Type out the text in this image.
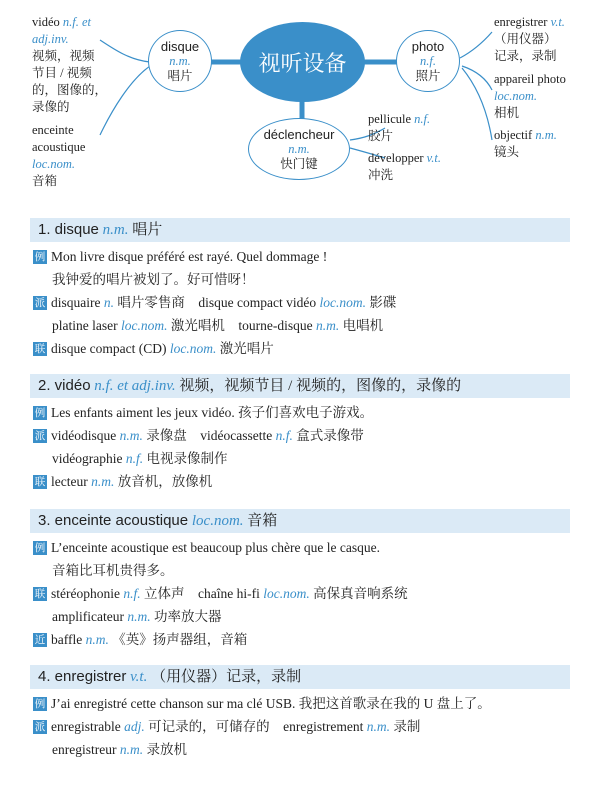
视听设备
disque
n.m.
唱片
photo
n.f.
照片
déclencheur
n.m.
快门键
vidéo n.f. et adj.inv.
视频，视频
节目 / 视频
的，图像的，
录像的
enceinte
acoustique
loc.nom.
音箱
enregistrer v.t.
（用仪器）
记录，录制
appareil photo
loc.nom.
相机
objectif n.m.
镜头
pellicule n.f.
胶片
développer v.t.
冲洗
1. disque n.m. 唱片
例 Mon livre disque préféré est rayé. Quel dommage !
我钟爱的唱片被划了。好可惜呀！
派 disquaire n. 唱片零售商 disque compact vidéo loc.nom. 影碟
platine laser loc.nom. 激光唱机 tourne-disque n.m. 电唱机
联 disque compact (CD) loc.nom. 激光唱片
2. vidéo n.f. et adj.inv. 视频，视频节目 / 视频的，图像的，录像的
例 Les enfants aiment les jeux vidéo. 孩子们喜欢电子游戏。
派 vidéodisque n.m. 录像盘 vidéocassette n.f. 盒式录像带
vidéographie n.f. 电视录像制作
联 lecteur n.m. 放音机，放像机
3. enceinte acoustique loc.nom. 音箱
例 L’enceinte acoustique est beaucoup plus chère que le casque.
音箱比耳机贵得多。
联 stéréophonie n.f. 立体声 chaîne hi-fi loc.nom. 高保真音响系统
amplificateur n.m. 功率放大器
近 baffle n.m. 《英》扬声器组，音箱
4. enregistrer v.t. （用仪器）记录，录制
例 J’ai enregistré cette chanson sur ma clé USB. 我把这首歌录在我的 U 盘上了。
派 enregistrable adj. 可记录的，可储存的 enregistrement n.m. 录制
enregistreur n.m. 录放机
